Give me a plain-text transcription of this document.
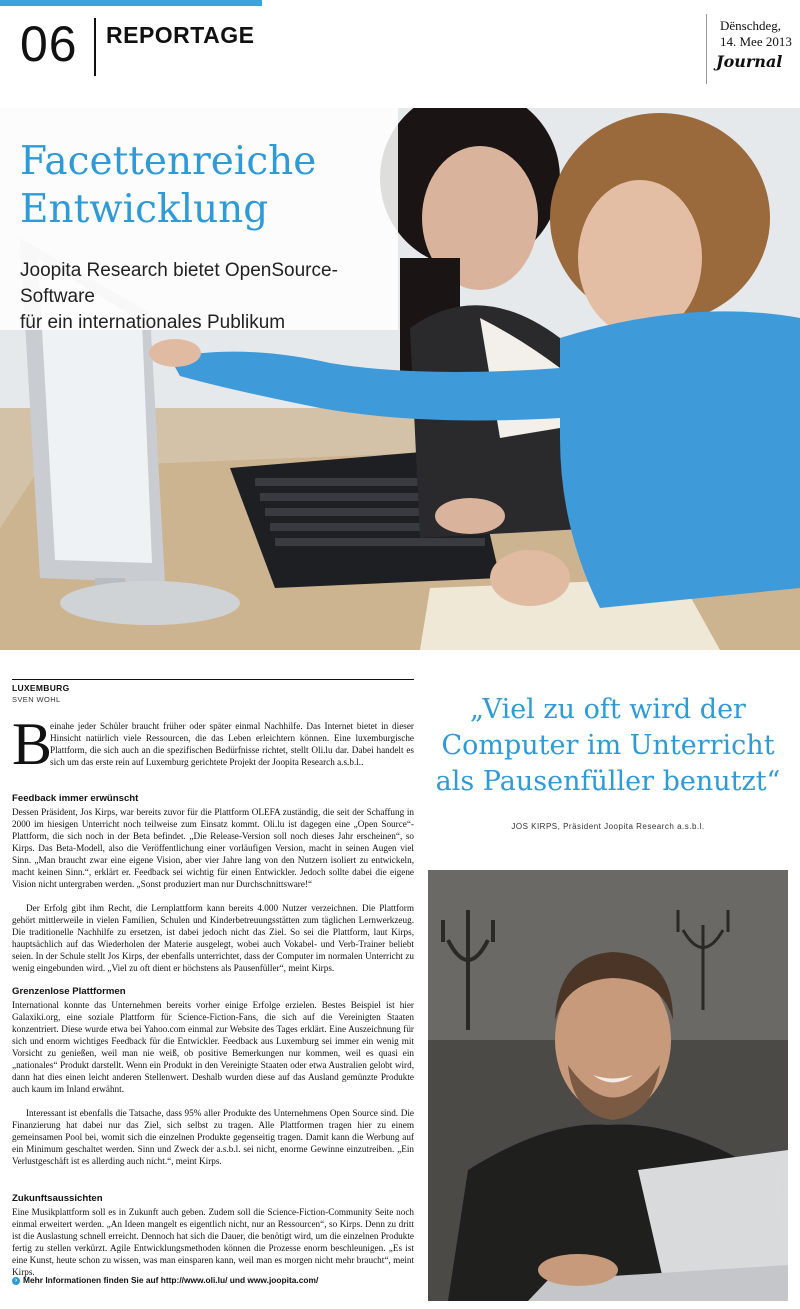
06 REPORTAGE	Dënschdeg,
14. Mee 2013
Journal
Facettenreiche
Entwicklung

Joopita Research bietet OpenSource-Software
für ein internationales Publikum

LUXEMBURG
SVEN WOHL
B

einahe jeder Schüler braucht früher oder später einmal Nachhilfe. Das Internet bietet in dieser Hinsicht natürlich viele Ressourcen, die das Leben erleichtern können. Eine luxemburgische Plattform, die sich auch an die spezifischen Bedürfnisse richtet, stellt Oli.lu dar. Dabei handelt es sich um das erste rein auf Luxemburg gerichtete Projekt der Joopita Research a.s.b.l..

Feedback immer erwünscht

Dessen Präsident, Jos Kirps, war bereits zuvor für die Plattform OLEFA zuständig, die seit der Schaffung in 2000 im hiesigen Unterricht noch teilweise zum Einsatz kommt. Oli.lu ist dagegen eine „Open Source“-Plattform, die sich noch in der Beta befindet. „Die Release-Version soll noch dieses Jahr erscheinen“, so Kirps. Das Beta-Modell, also die Veröffentlichung einer vorläufigen Version, macht in seinen Augen viel Sinn. „Man braucht zwar eine eigene Vision, aber vier Jahre lang von den Nutzern isoliert zu entwickeln, macht keinen Sinn.“, erklärt er. Feedback sei wichtig für einen Entwickler. Jedoch sollte dabei die eigene Vision nicht untergraben werden. „Sonst produziert man nur Durchschnittsware!“

Der Erfolg gibt ihm Recht, die Lernplattform kann bereits 4.000 Nutzer verzeichnen. Die Plattform gehört mittlerweile in vielen Familien, Schulen und Kinderbetreuungsstätten zum täglichen Lernwerkzeug. Die traditionelle Nachhilfe zu ersetzen, ist dabei jedoch nicht das Ziel. So sei die Plattform, laut Kirps, hauptsächlich auf das Wiederholen der Materie ausgelegt, wobei auch Vokabel- und Verb-Trainer beliebt seien. In der Schule stellt Jos Kirps, der ebenfalls unterrichtet, dass der Computer im normalen Unterricht zu wenig eingebunden wird. „Viel zu oft dient er höchstens als Pausenfüller“, meint Kirps.

Grenzenlose Plattformen

International konnte das Unternehmen bereits vorher einige Erfolge erzielen. Bestes Beispiel ist hier Galaxiki.org, eine soziale Plattform für Science-Fiction-Fans, die sich auf die Vereinigten Staaten konzentriert. Diese wurde etwa bei Yahoo.com einmal zur Website des Tages erklärt. Eine Auszeichnung für sich und enorm wichtiges Feedback für die Entwickler. Feedback aus Luxemburg sei immer ein wenig mit Vorsicht zu genießen, weil man nie weiß, ob positive Bemerkungen nur kommen, weil es quasi ein „nationales“ Produkt darstellt. Wenn ein Produkt in den Vereinigte Staaten oder etwa Australien gelobt wird, dann hat dies einen leicht anderen Stellenwert. Deshalb wurden diese auf das Ausland gemünzte Produkte auch kaum im Inland erwähnt.

Interessant ist ebenfalls die Tatsache, dass 95% aller Produkte des Unternehmens Open Source sind. Die Finanzierung hat dabei nur das Ziel, sich selbst zu tragen. Alle Plattformen tragen hier zu einem gemeinsamen Pool bei, womit sich die einzelnen Produkte gegenseitig tragen. Damit kann die Werbung auf ein Minimum geschaltet werden. Sinn und Zweck der a.s.b.l. sei nicht, enorme Gewinne einzutreiben. „Ein Verlustgeschäft ist es allerding auch nicht.“, meint Kirps.

Zukunftsaussichten

Eine Musikplattform soll es in Zukunft auch geben. Zudem soll die Science-Fiction-Community Seite noch einmal erweitert werden. „An Ideen mangelt es eigentlich nicht, nur an Ressourcen“, so Kirps. Denn zu dritt ist die Auslastung schnell erreicht. Dennoch hat sich die Dauer, die benötigt wird, um die einzelnen Produkte fertig zu stellen verkürzt. Agile Entwicklungsmethoden können die Prozesse enorm beschleunigen. „Es ist eine Kunst, heute schon zu wissen, was man einsparen kann, weil man es morgen nicht mehr braucht“, meint Kirps.

› Mehr Informationen finden Sie auf http://www.oli.lu/ und www.joopita.com/

„Viel zu oft wird der
Computer im Unterricht
als Pausenfüller benutzt“

JOS KIRPS, Präsident Joopita Research a.s.b.l.
Foto: Alain Rischard
